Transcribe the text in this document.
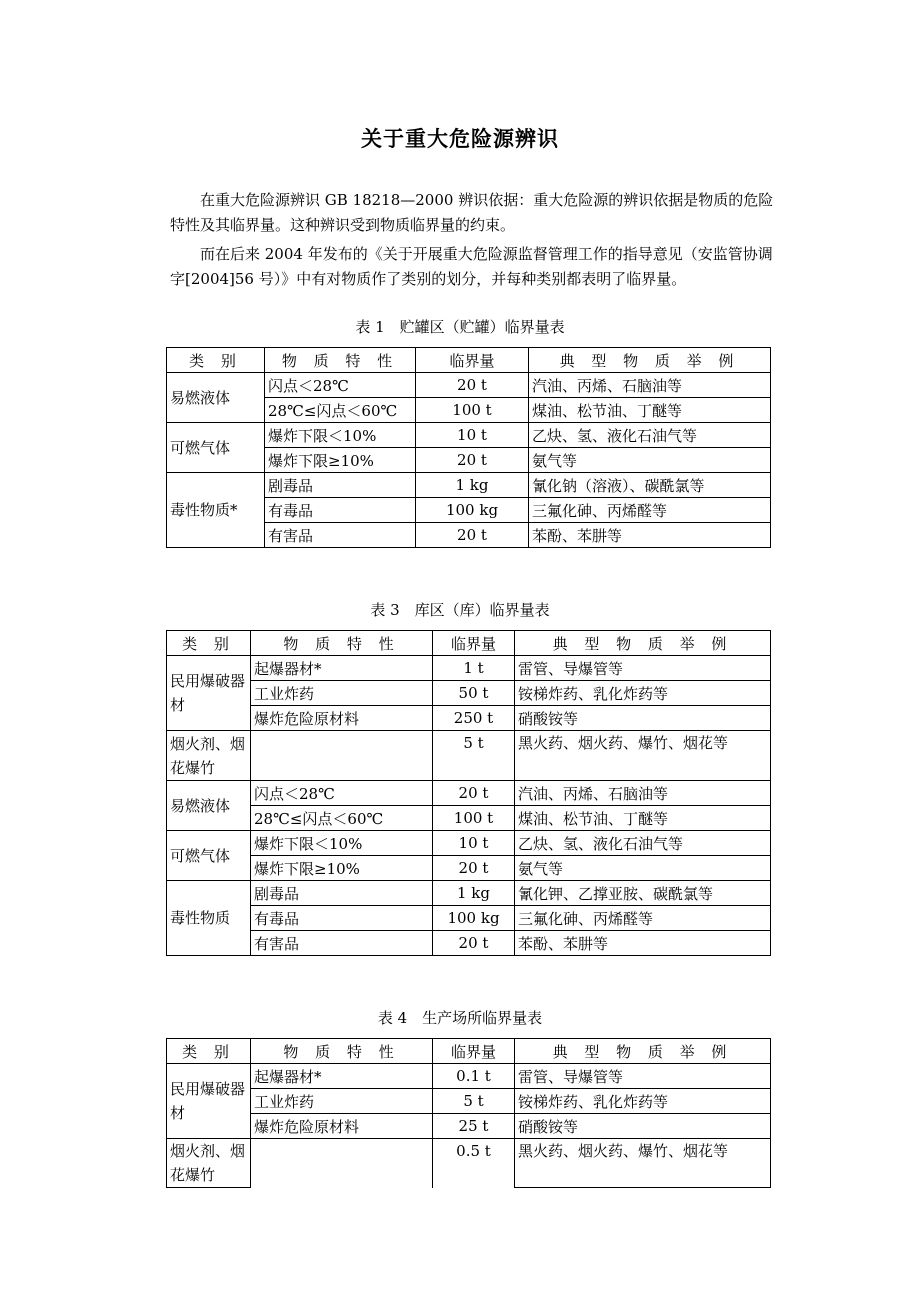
关于重大危险源辨识
  在重大危险源辨识 GB 18218—2000 辨识依据：重大危险源的辨识依据是物质的危险特性及其临界量。这种辨识受到物质临界量的约束。
  而在后来 2004 年发布的《关于开展重大危险源监督管理工作的指导意见（安监管协调字[2004]56 号）》中有对物质作了类别的划分，并每种类别都表明了临界量。
表 1　贮罐区（贮罐）临界量表
类 别	物 质 特 性	临界量	典 型 物 质 举 例
易燃液体	闪点＜28℃	20 t	汽油、丙烯、石脑油等
	28℃≤闪点＜60℃	100 t	煤油、松节油、丁醚等
可燃气体	爆炸下限＜10%	10 t	乙炔、氢、液化石油气等
	爆炸下限≥10%	20 t	氨气等
毒性物质*	剧毒品	1 kg	氰化钠（溶液）、碳酰氯等
	有毒品	100 kg	三氟化砷、丙烯醛等
	有害品	20 t	苯酚、苯肼等
表 3　库区（库）临界量表
类 别	物 质 特 性	临界量	典 型 物 质 举 例
民用爆破器材	起爆器材*	1 t	雷管、导爆管等
	工业炸药	50 t	铵梯炸药、乳化炸药等
	爆炸危险原材料	250 t	硝酸铵等
烟火剂、烟花爆竹		5 t	黑火药、烟火药、爆竹、烟花等
易燃液体	闪点＜28℃	20 t	汽油、丙烯、石脑油等
	28℃≤闪点＜60℃	100 t	煤油、松节油、丁醚等
可燃气体	爆炸下限＜10%	10 t	乙炔、氢、液化石油气等
	爆炸下限≥10%	20 t	氨气等
毒性物质	剧毒品	1 kg	氰化钾、乙撑亚胺、碳酰氯等
	有毒品	100 kg	三氟化砷、丙烯醛等
	有害品	20 t	苯酚、苯肼等
表 4　生产场所临界量表
类 别	物 质 特 性	临界量	典 型 物 质 举 例
民用爆破器材	起爆器材*	0.1 t	雷管、导爆管等
	工业炸药	5 t	铵梯炸药、乳化炸药等
	爆炸危险原材料	25 t	硝酸铵等
烟火剂、烟花爆竹		0.5 t	黑火药、烟火药、爆竹、烟花等
